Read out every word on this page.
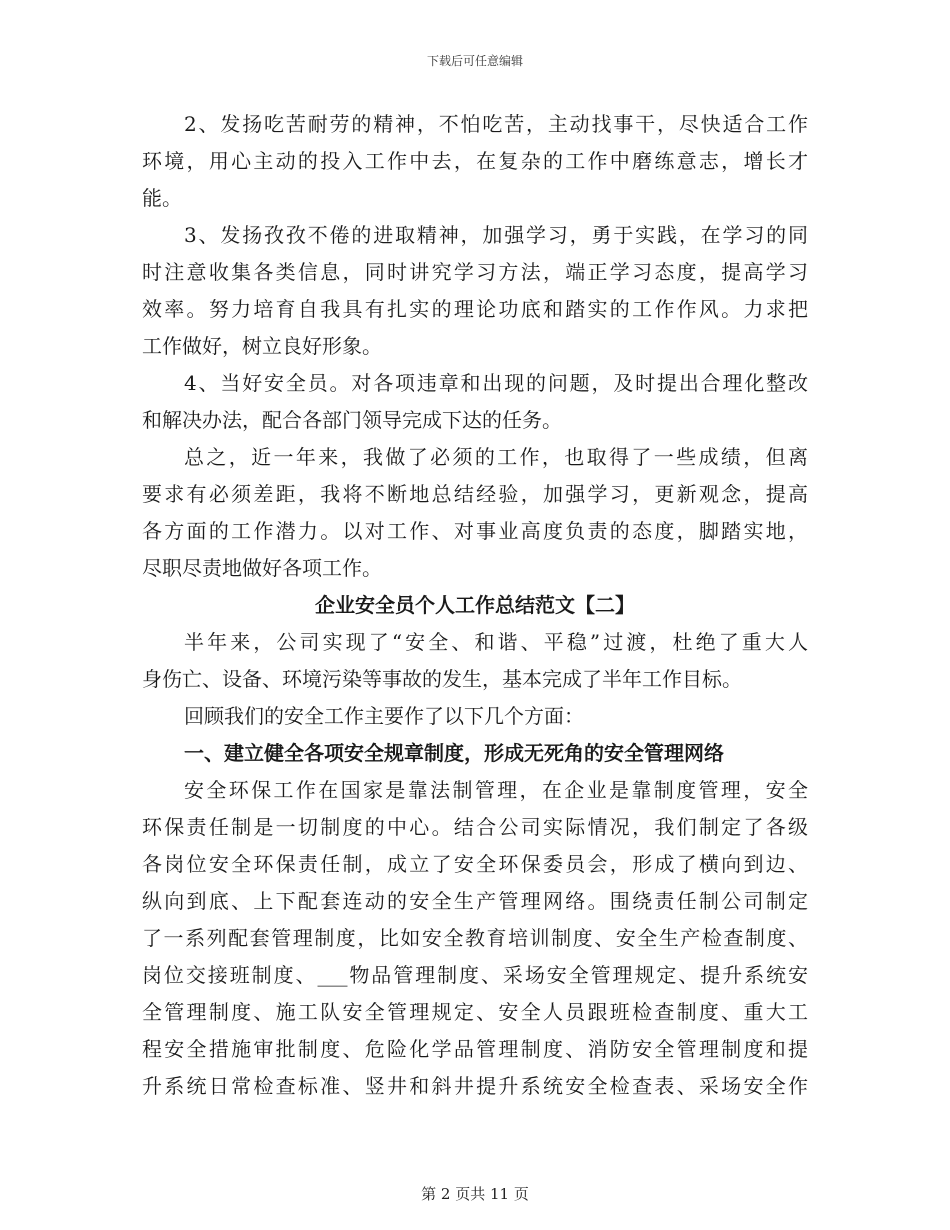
下载后可任意编辑
2、发扬吃苦耐劳的精神，不怕吃苦，主动找事干，尽快适合工作
环境，用心主动的投入工作中去，在复杂的工作中磨练意志，增长才
能。
3、发扬孜孜不倦的进取精神，加强学习，勇于实践，在学习的同
时注意收集各类信息，同时讲究学习方法，端正学习态度，提高学习
效率。努力培育自我具有扎实的理论功底和踏实的工作作风。力求把
工作做好，树立良好形象。
4、当好安全员。对各项违章和出现的问题，及时提出合理化整改
和解决办法，配合各部门领导完成下达的任务。
总之，近一年来，我做了必须的工作，也取得了一些成绩，但离
要求有必须差距，我将不断地总结经验，加强学习，更新观念，提高
各方面的工作潜力。以对工作、对事业高度负责的态度，脚踏实地，
尽职尽责地做好各项工作。
企业安全员个人工作总结范文【二】
半年来，公司实现了“安全、和谐、平稳”过渡，杜绝了重大人
身伤亡、设备、环境污染等事故的发生，基本完成了半年工作目标。
回顾我们的安全工作主要作了以下几个方面：
一、建立健全各项安全规章制度，形成无死角的安全管理网络
安全环保工作在国家是靠法制管理，在企业是靠制度管理，安全
环保责任制是一切制度的中心。结合公司实际情况，我们制定了各级
各岗位安全环保责任制，成立了安全环保委员会，形成了横向到边、
纵向到底、上下配套连动的安全生产管理网络。围绕责任制公司制定
了一系列配套管理制度，比如安全教育培训制度、安全生产检查制度、
岗位交接班制度、___物品管理制度、采场安全管理规定、提升系统安
全管理制度、施工队安全管理规定、安全人员跟班检查制度、重大工
程安全措施审批制度、危险化学品管理制度、消防安全管理制度和提
升系统日常检查标准、竖井和斜井提升系统安全检查表、采场安全作
第 2 页共 11 页
